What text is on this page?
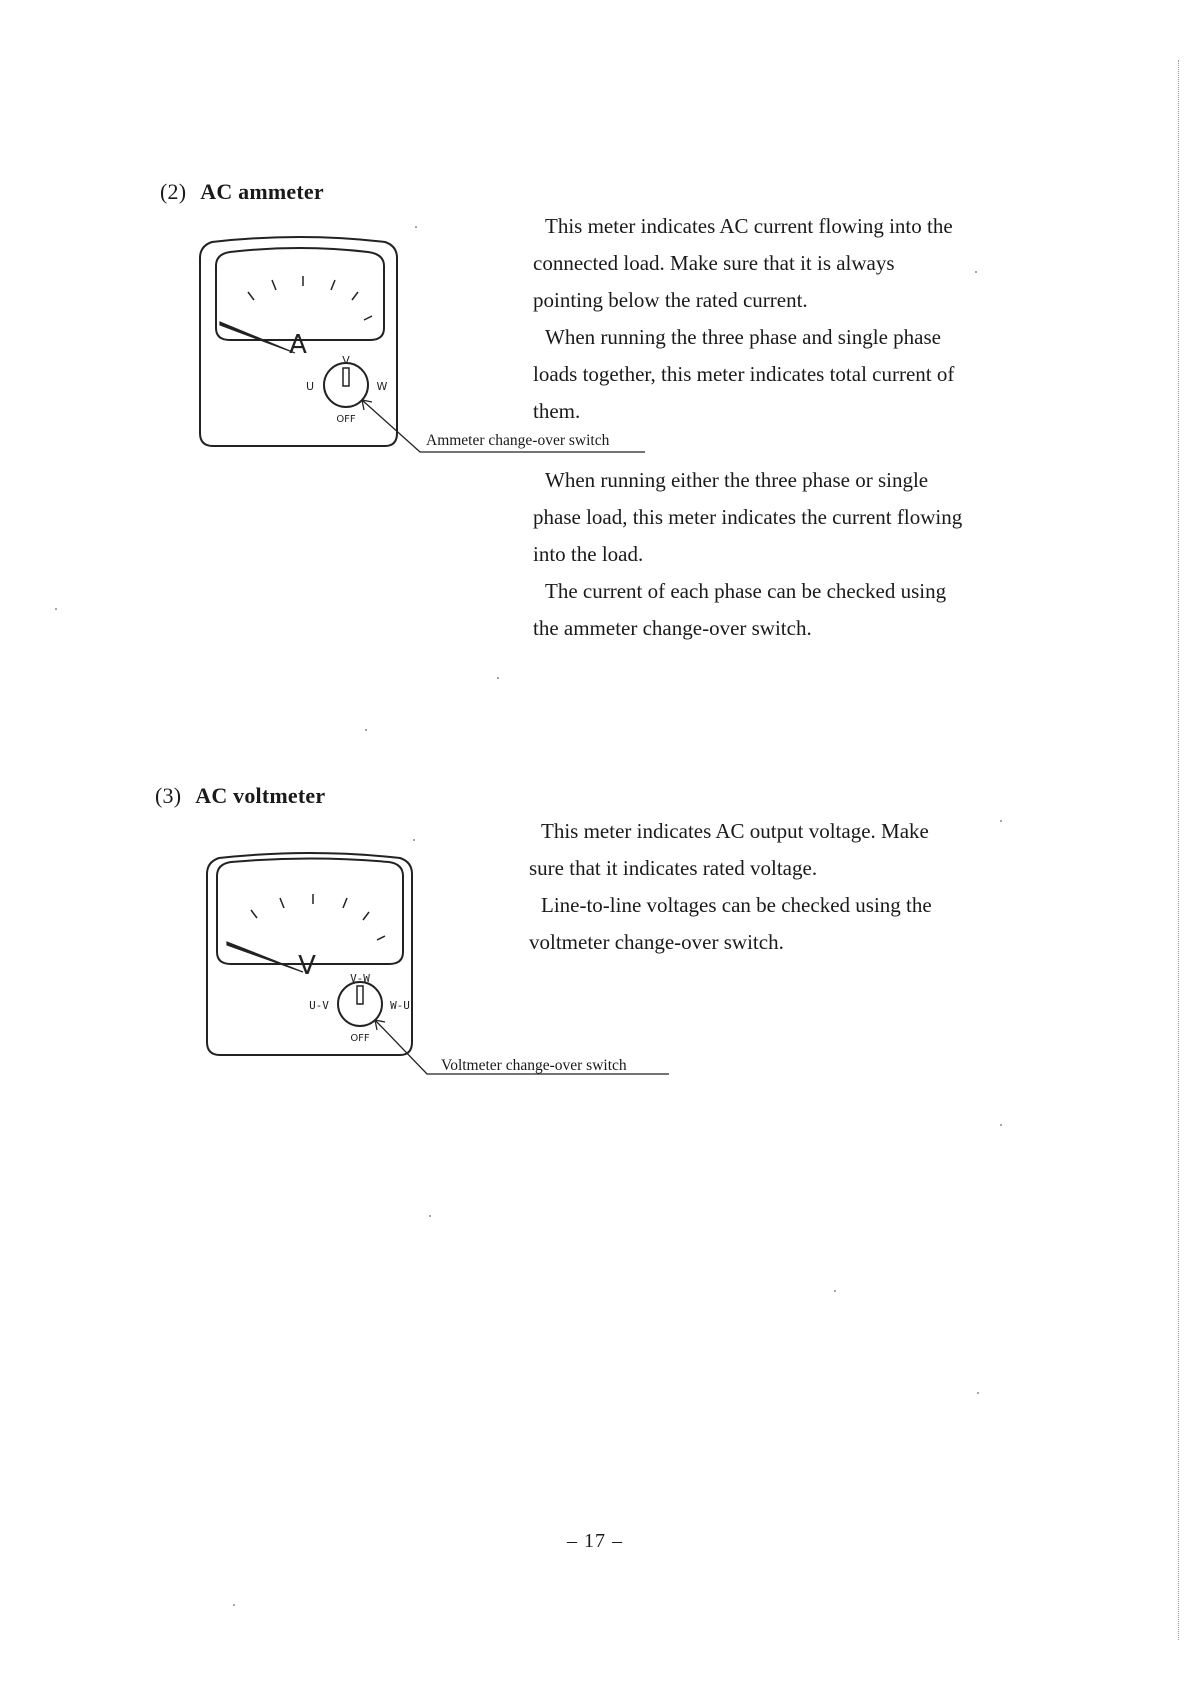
(2) AC ammeter
This meter indicates AC current flowing into the
connected load. Make sure that it is always
pointing below the rated current.
When running the three phase and single phase
loads together, this meter indicates total current of
them.
A
V
U	W
OFF
Ammeter change-over switch
When running either the three phase or single
phase load, this meter indicates the current flowing
into the load.
The current of each phase can be checked using
the ammeter change-over switch.
(3) AC voltmeter
This meter indicates AC output voltage. Make
sure that it indicates rated voltage.
Line-to-line voltages can be checked using the
voltmeter change-over switch.
V	V-W
U-V	W-U
OFF
Voltmeter change-over switch
– 17 –
